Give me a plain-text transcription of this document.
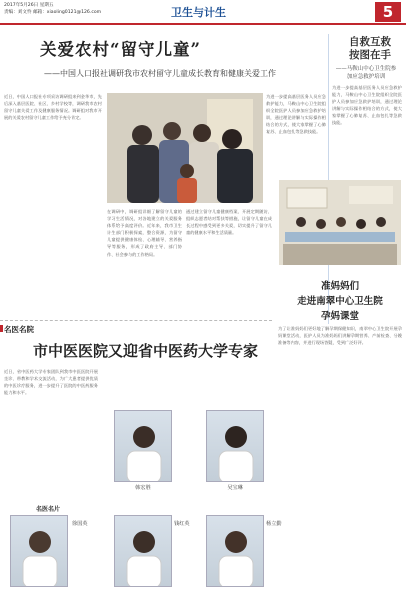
2017年5月26日 星期五
责编：刘文怜 邮箱：xiaoling0121@126.com	卫生与计生	5
关爱农村“留守儿童”
——中国人口报社调研我市农村留守儿童成长教育和健康关爱工作
自救互救
按图在手
——马鞍山中心卫生院参
加应急救护培训
为进一步提高基层医务人员应急救护能力，马鞍山中心卫生院组织全院医护人员参加应急救护培训，通过理论讲解与实际操作相结合的方式，使大家掌握了心肺复苏、止血包扎等急救技能。
近日，中国人口报社专项采访调研组来到金华市，先后深入基层医院、社区、乡村学校等，调研我市农村留守儿童关爱工作及健康服务情况。调研组对我市开展的关爱农村留守儿童工作给予充分肯定。
在调研中，调研组详细了解留守儿童的学习生活情况，对各地建立的关爱服务体系给予高度评价。近年来，我市卫生计生部门积极探索，整合资源，为留守儿童提供健康体检、心理辅导、营养指导等服务，形成了政府主导、部门协作、社会参与的工作格局。
通过建立留守儿童健康档案、开展定期随访、组织志愿者结对帮扶等措施，让留守儿童在成长过程中感受到更多关爱，切实提升了留守儿童的健康水平和生活质量。
为进一步提高基层医务人员应急救护能力，马鞍山中心卫生院组织全院医护人员参加应急救护培训，通过理论讲解与实际操作相结合的方式，使大家掌握了心肺复苏、止血包扎等急救技能。
准妈妈们
走进南翠中心卫生院
孕妈课堂
名医名院
市中医医院又迎省中医药大学专家
近日，省中医药大学专家团队到我市中医医院开展坐诊、带教和学术交流活动，为广大患者提供优质的中医诊疗服务，进一步提升了医院的中医药服务能力和水平。
名医名片
韩宏胜	吴宝琳
徐国英	钱红英	杨立勤
为了让准妈妈们更好地了解孕期保健知识，南翠中心卫生院开展孕妈课堂活动，医护人员为准妈妈们讲解孕期营养、产前检查、分娩准备等内容，并进行现场答疑，受到广泛好评。
